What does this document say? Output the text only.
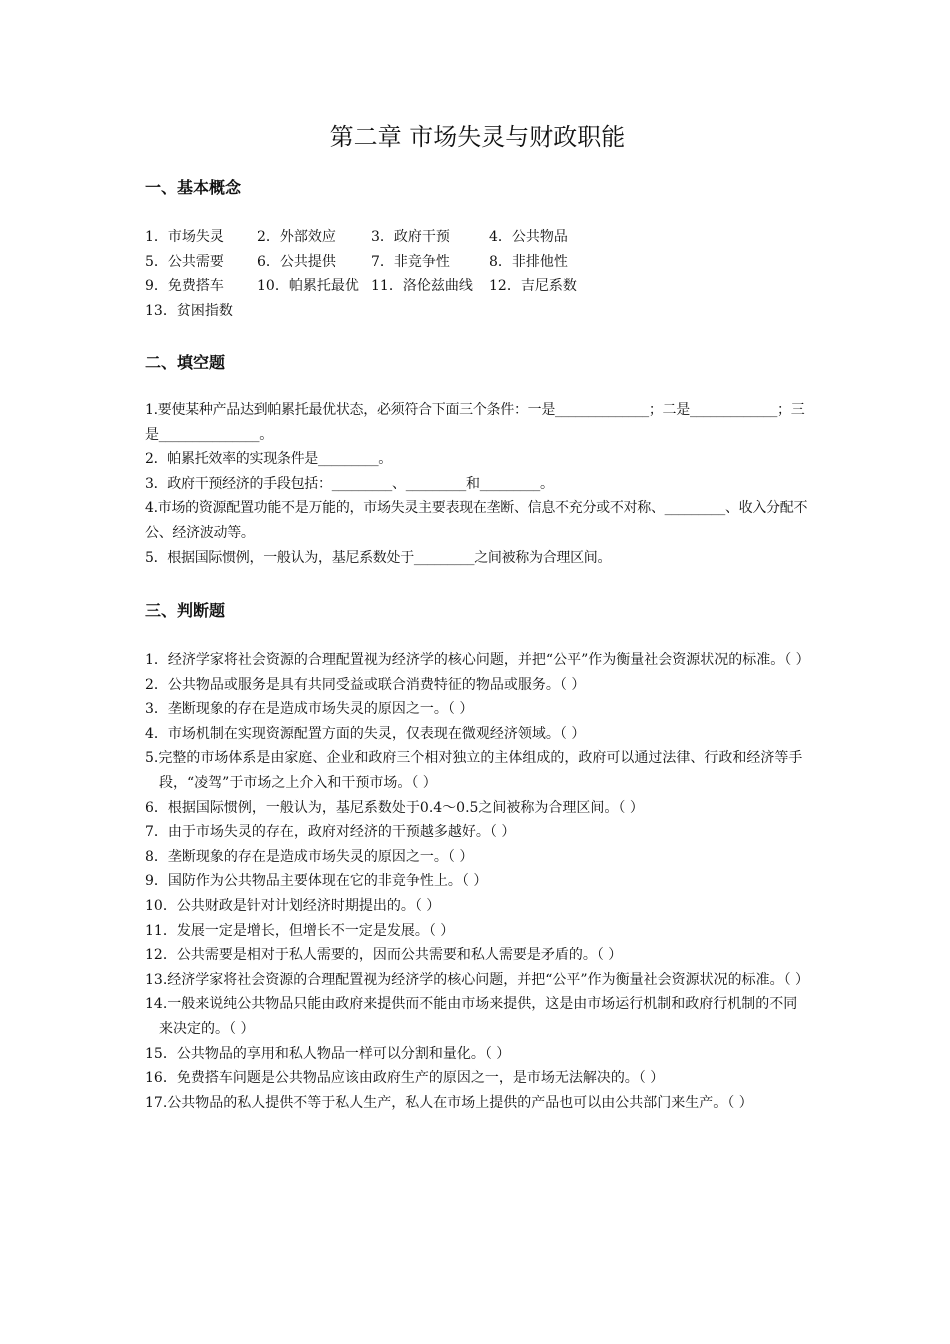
第二章 市场失灵与财政职能
一、基本概念
1．市场失灵	2．外部效应	3．政府干预	4．公共物品
5．公共需要	6．公共提供	7．非竞争性	8．非排他性
9．免费搭车	10．帕累托最优 11．洛伦兹曲线	12．吉尼系数
13．贫困指数
二、填空题

1.要使某种产品达到帕累托最优状态，必须符合下面三个条件：一是______________；二是_____________；三是_______________。

2．帕累托效率的实现条件是_________。

3．政府干预经济的手段包括：_________、_________和_________。

4.市场的资源配置功能不是万能的，市场失灵主要表现在垄断、信息不充分或不对称、_________、收入分配不公、经济波动等。

5．根据国际惯例，一般认为，基尼系数处于_________之间被称为合理区间。

三、判断题

1．经济学家将社会资源的合理配置视为经济学的核心问题，并把“公平”作为衡量社会资源状况的标准。（ ）

2．公共物品或服务是具有共同受益或联合消费特征的物品或服务。（ ）

3．垄断现象的存在是造成市场失灵的原因之一。（ ）

4．市场机制在实现资源配置方面的失灵，仅表现在微观经济领域。（ ）

5.完整的市场体系是由家庭、企业和政府三个相对独立的主体组成的，政府可以通过法律、行政和经济等手段，“凌驾”于市场之上介入和干预市场。（ ）

6．根据国际惯例，一般认为，基尼系数处于0.4～0.5之间被称为合理区间。（ ）

7．由于市场失灵的存在，政府对经济的干预越多越好。（ ）

8．垄断现象的存在是造成市场失灵的原因之一。（ ）

9．国防作为公共物品主要体现在它的非竞争性上。（ ）

10．公共财政是针对计划经济时期提出的。（ ）

11．发展一定是增长，但增长不一定是发展。（ ）

12．公共需要是相对于私人需要的，因而公共需要和私人需要是矛盾的。（ ）

13.经济学家将社会资源的合理配置视为经济学的核心问题，并把“公平”作为衡量社会资源状况的标准。（ ）

14.一般来说纯公共物品只能由政府来提供而不能由市场来提供，这是由市场运行机制和政府行机制的不同来决定的。（ ）

15．公共物品的享用和私人物品一样可以分割和量化。（ ）

16．免费搭车问题是公共物品应该由政府生产的原因之一，是市场无法解决的。（ ）

17.公共物品的私人提供不等于私人生产，私人在市场上提供的产品也可以由公共部门来生产。（ ）
